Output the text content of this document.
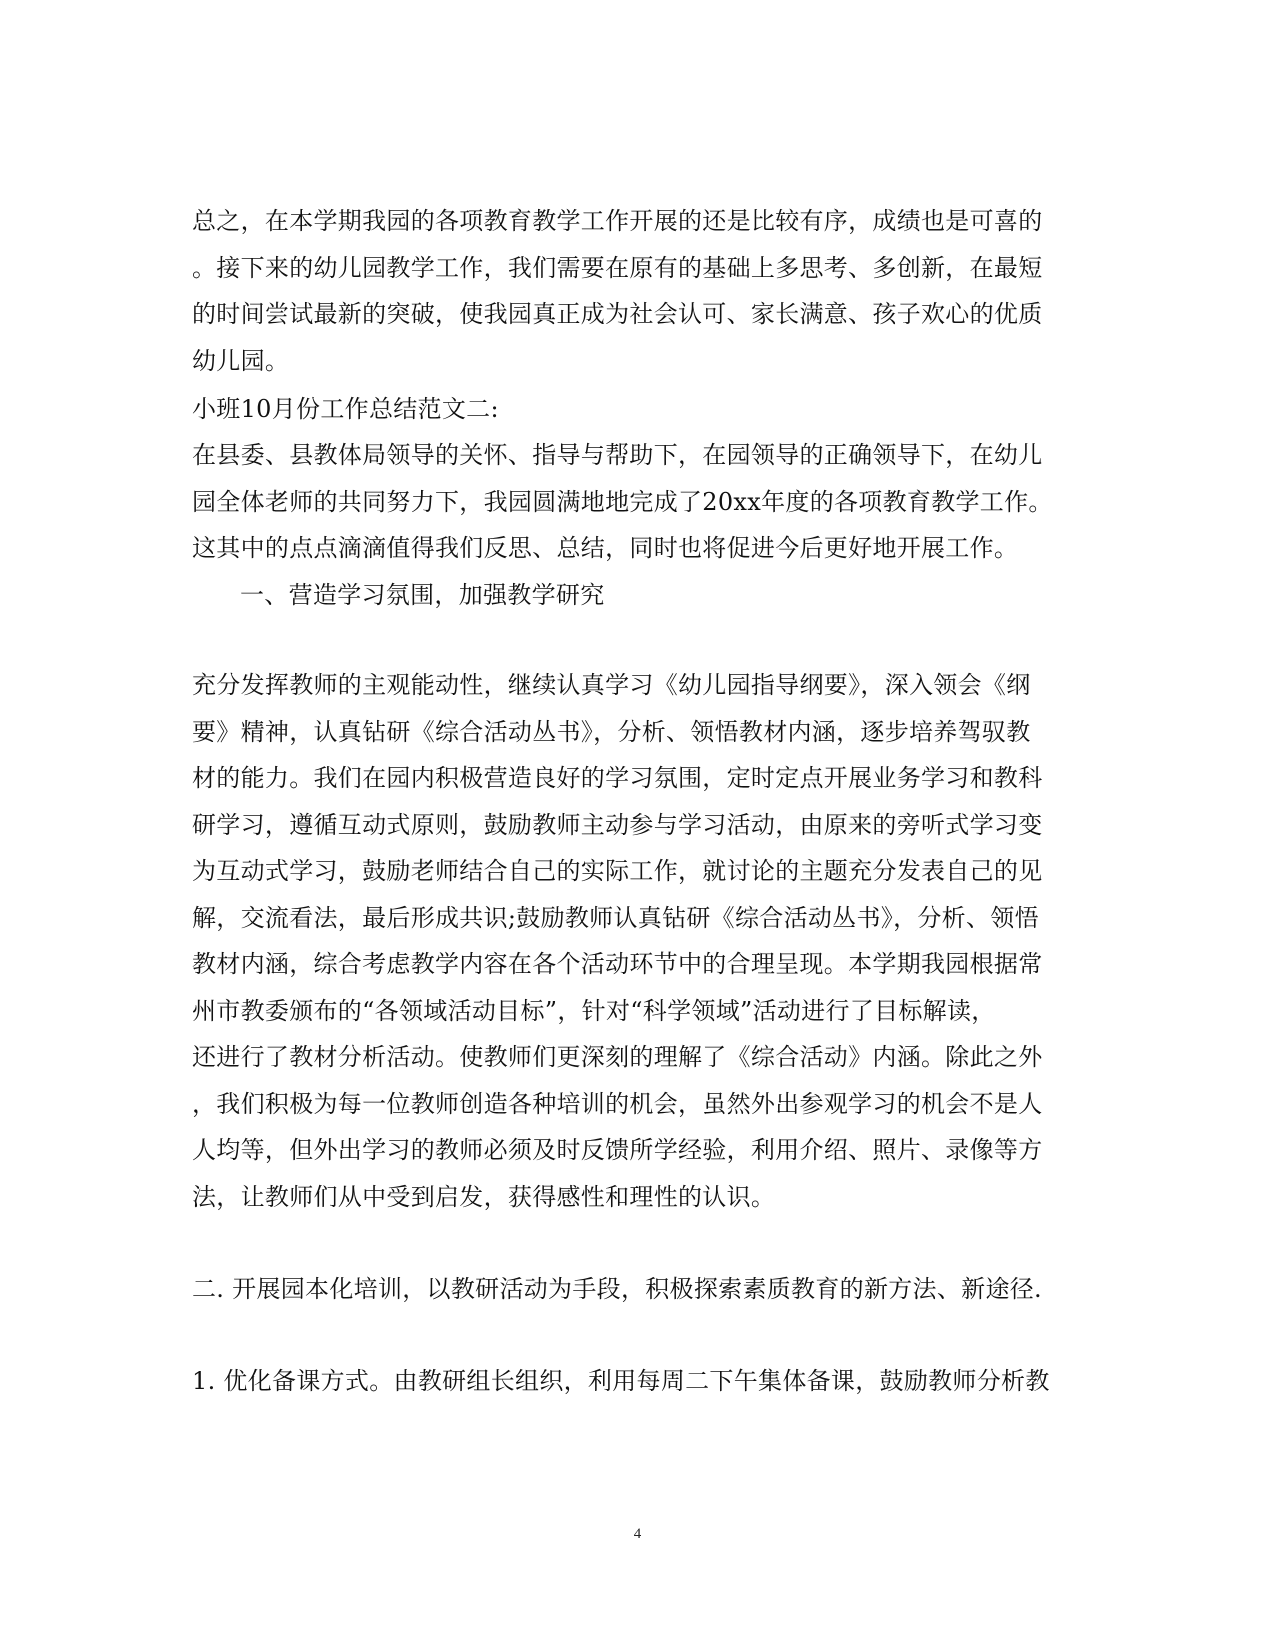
总之，在本学期我园的各项教育教学工作开展的还是比较有序，成绩也是可喜的
。接下来的幼儿园教学工作，我们需要在原有的基础上多思考、多创新，在最短
的时间尝试最新的突破，使我园真正成为社会认可、家长满意、孩子欢心的优质
幼儿园。
小班10月份工作总结范文二:
在县委、县教体局领导的关怀、指导与帮助下，在园领导的正确领导下，在幼儿
园全体老师的共同努力下，我园圆满地地完成了20xx年度的各项教育教学工作。
这其中的点点滴滴值得我们反思、总结，同时也将促进今后更好地开展工作。
一、营造学习氛围，加强教学研究
充分发挥教师的主观能动性，继续认真学习《幼儿园指导纲要》，深入领会《纲
要》精神，认真钻研《综合活动丛书》，分析、领悟教材内涵，逐步培养驾驭教
材的能力。我们在园内积极营造良好的学习氛围，定时定点开展业务学习和教科
研学习，遵循互动式原则，鼓励教师主动参与学习活动，由原来的旁听式学习变
为互动式学习，鼓励老师结合自己的实际工作，就讨论的主题充分发表自己的见
解，交流看法，最后形成共识;鼓励教师认真钻研《综合活动丛书》，分析、领悟
教材内涵，综合考虑教学内容在各个活动环节中的合理呈现。本学期我园根据常
州市教委颁布的“各领域活动目标”，针对“科学领域”活动进行了目标解读，
还进行了教材分析活动。使教师们更深刻的理解了《综合活动》内涵。除此之外
，我们积极为每一位教师创造各种培训的机会，虽然外出参观学习的机会不是人
人均等，但外出学习的教师必须及时反馈所学经验，利用介绍、照片、录像等方
法，让教师们从中受到启发，获得感性和理性的认识。
二. 开展园本化培训，以教研活动为手段，积极探索素质教育的新方法、新途径.
1. 优化备课方式。由教研组长组织，利用每周二下午集体备课，鼓励教师分析教
4
